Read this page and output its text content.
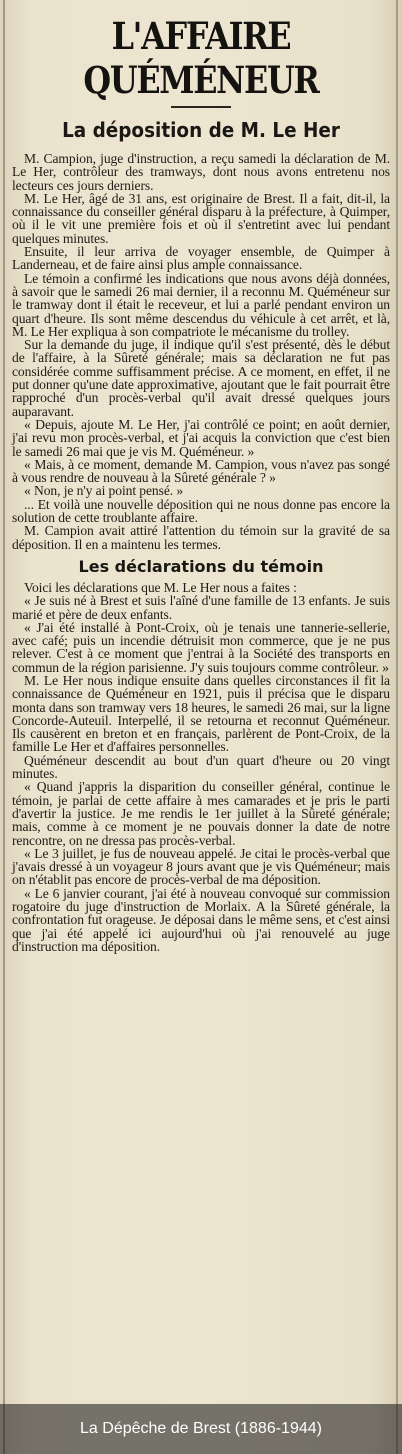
L'AFFAIRE QUÉMÉNEUR
La déposition de M. Le Her

M. Campion, juge d'instruction, a reçu samedi la déclaration de M. Le Her, contrôleur des tramways, dont nous avons entretenu nos lecteurs ces jours derniers.

M. Le Her, âgé de 31 ans, est originaire de Brest. Il a fait, dit-il, la connaissance du conseiller général disparu à la préfecture, à Quimper, où il le vit une première fois et où il s'entretint avec lui pendant quelques minutes.

Ensuite, il leur arriva de voyager ensemble, de Quimper à Landerneau, et de faire ainsi plus ample connaissance.

Le témoin a confirmé les indications que nous avons déjà données, à savoir que le samedi 26 mai dernier, il a reconnu M. Quéméneur sur le tramway dont il était le receveur, et lui a parlé pendant environ un quart d'heure. Ils sont même descendus du véhicule à cet arrêt, et là, M. Le Her expliqua à son compatriote le mécanisme du trolley.

Sur la demande du juge, il indique qu'il s'est présenté, dès le début de l'affaire, à la Sûreté générale; mais sa déclaration ne fut pas considérée comme suffisamment précise. A ce moment, en effet, il ne put donner qu'une date approximative, ajoutant que le fait pourrait être rapproché d'un procès-verbal qu'il avait dressé quelques jours auparavant.

« Depuis, ajoute M. Le Her, j'ai contrôlé ce point; en août dernier, j'ai revu mon procès-verbal, et j'ai acquis la conviction que c'est bien le samedi 26 mai que je vis M. Quéméneur. »

« Mais, à ce moment, demande M. Campion, vous n'avez pas songé à vous rendre de nouveau à la Sûreté générale ? »

« Non, je n'y ai point pensé. »

... Et voilà une nouvelle déposition qui ne nous donne pas encore la solution de cette troublante affaire.

M. Campion avait attiré l'attention du témoin sur la gravité de sa déposition. Il en a maintenu les termes.

Les déclarations du témoin

Voici les déclarations que M. Le Her nous a faites :

« Je suis né à Brest et suis l'aîné d'une famille de 13 enfants. Je suis marié et père de deux enfants.

« J'ai été installé à Pont-Croix, où je tenais une tannerie-sellerie, avec café; puis un incendie détruisit mon commerce, que je ne pus relever. C'est à ce moment que j'entrai à la Société des transports en commun de la région parisienne. J'y suis toujours comme contrôleur. »

M. Le Her nous indique ensuite dans quelles circonstances il fit la connaissance de Quéméneur en 1921, puis il précisa que le disparu monta dans son tramway vers 18 heures, le samedi 26 mai, sur la ligne Concorde-Auteuil. Interpellé, il se retourna et reconnut Quéméneur. Ils causèrent en breton et en français, parlèrent de Pont-Croix, de la famille Le Her et d'affaires personnelles.

Quéméneur descendit au bout d'un quart d'heure ou 20 vingt minutes.

« Quand j'appris la disparition du conseiller général, continue le témoin, je parlai de cette affaire à mes camarades et je pris le parti d'avertir la justice. Je me rendis le 1er juillet à la Sûreté générale; mais, comme à ce moment je ne pouvais donner la date de notre rencontre, on ne dressa pas procès-verbal.

« Le 3 juillet, je fus de nouveau appelé. Je citai le procès-verbal que j'avais dressé à un voyageur 8 jours avant que je vis Quéméneur; mais on n'établit pas encore de procès-verbal de ma déposition.

« Le 6 janvier courant, j'ai été à nouveau convoqué sur commission rogatoire du juge d'instruction de Morlaix. A la Sûreté générale, la confrontation fut orageuse. Je déposai dans le même sens, et c'est ainsi que j'ai été appelé ici aujourd'hui où j'ai renouvelé au juge d'instruction ma déposition.

La Dépêche de Brest (1886-1944)
